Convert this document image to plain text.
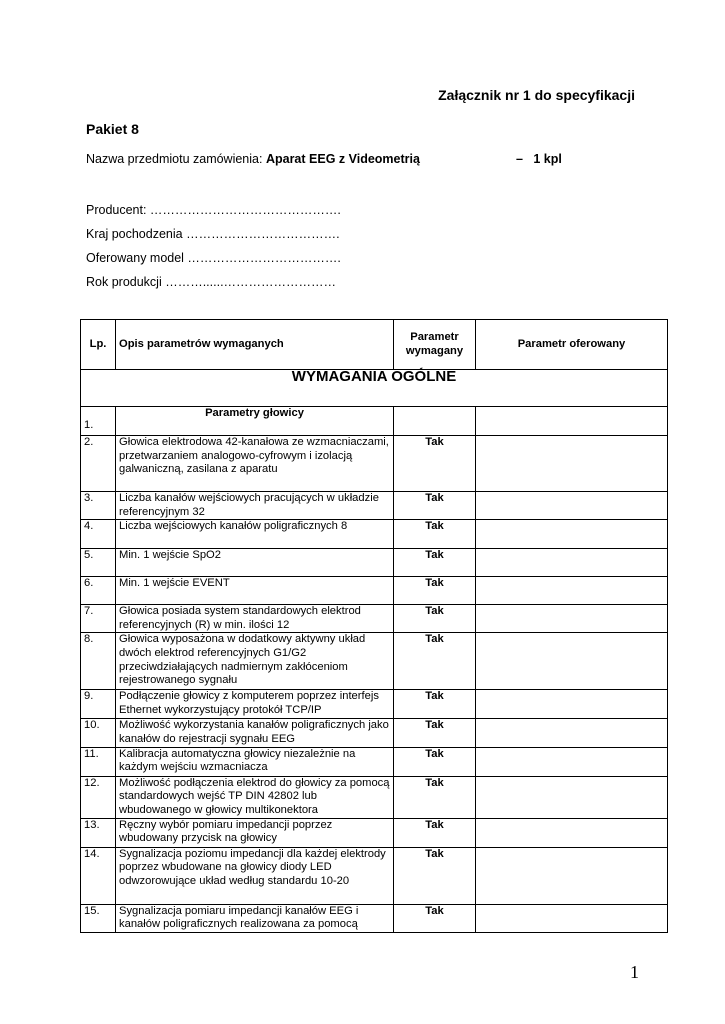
Załącznik nr 1 do specyfikacji
Pakiet 8
Nazwa przedmiotu zamówienia: Aparat EEG z Videometrią	–   1 kpl
Producent: ……………………………………….
Kraj pochodzenia ……………………………….
Oferowany model ……………………………….
Rok produkcji ………......………………………
Lp.	Opis parametrów wymaganych	Parametr wymagany	Parametr oferowany
WYMAGANIA OGÓLNE			
1.	Parametry głowicy		
2.	Głowica elektrodowa 42-kanałowa ze wzmacniaczami, przetwarzaniem analogowo-cyfrowym i izolacją galwaniczną, zasilana z aparatu	Tak	
3.	Liczba kanałów wejściowych pracujących w układzie referencyjnym 32	Tak	
4.	Liczba wejściowych kanałów poligraficznych 8	Tak	
5.	Min. 1 wejście SpO2	Tak	
6.	Min. 1 wejście EVENT	Tak	
7.	Głowica posiada system standardowych elektrod referencyjnych (R) w min. ilości 12	Tak	
8.	Głowica wyposażona w dodatkowy aktywny układ dwóch elektrod referencyjnych G1/G2 przeciwdziałających nadmiernym zakłóceniom rejestrowanego sygnału	Tak	
9.	Podłączenie głowicy z komputerem poprzez interfejs Ethernet wykorzystujący protokół TCP/IP	Tak	
10.	Możliwość wykorzystania kanałów poligraficznych jako kanałów do rejestracji sygnału EEG	Tak	
11.	Kalibracja automatyczna głowicy niezależnie na każdym wejściu wzmacniacza	Tak	
12.	Możliwość podłączenia elektrod do głowicy za pomocą standardowych wejść TP DIN 42802 lub wbudowanego w głowicy multikonektora	Tak	
13.	Ręczny wybór pomiaru impedancji poprzez wbudowany przycisk na głowicy	Tak	
14.	Sygnalizacja poziomu impedancji dla każdej elektrody poprzez wbudowane na głowicy diody LED odwzorowujące układ według standardu 10-20	Tak	
15.	Sygnalizacja pomiaru impedancji kanałów EEG i kanałów poligraficznych realizowana za pomocą	Tak	
1
